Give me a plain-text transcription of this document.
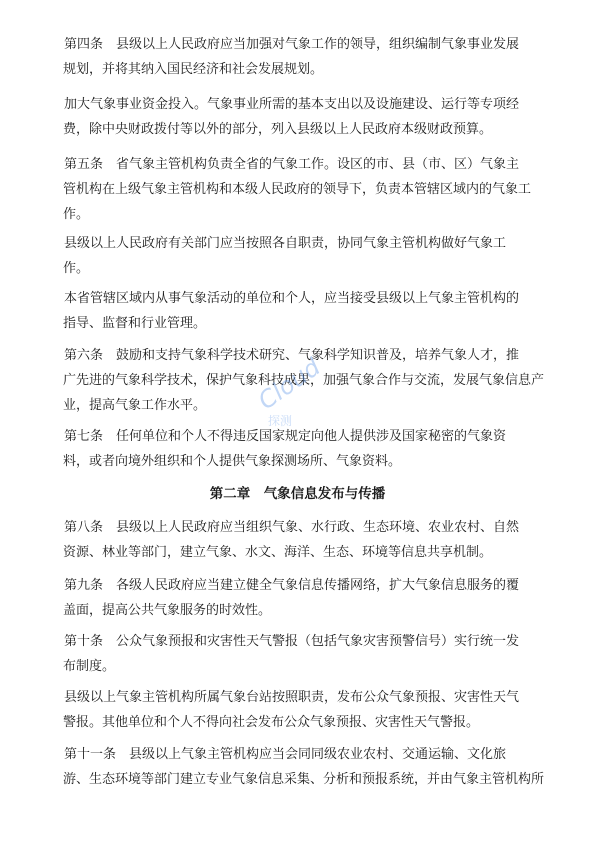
第四条　县级以上人民政府应当加强对气象工作的领导，组织编制气象事业发展
规划，并将其纳入国民经济和社会发展规划。
加大气象事业资金投入。气象事业所需的基本支出以及设施建设、运行等专项经
费，除中央财政拨付等以外的部分，列入县级以上人民政府本级财政预算。
第五条　省气象主管机构负责全省的气象工作。设区的市、县（市、区）气象主
管机构在上级气象主管机构和本级人民政府的领导下，负责本管辖区域内的气象工
作。
县级以上人民政府有关部门应当按照各自职责，协同气象主管机构做好气象工
作。
本省管辖区域内从事气象活动的单位和个人，应当接受县级以上气象主管机构的
指导、监督和行业管理。
第六条　鼓励和支持气象科学技术研究、气象科学知识普及，培养气象人才，推
广先进的气象科学技术，保护气象科技成果，加强气象合作与交流，发展气象信息产
业，提高气象工作水平。
第七条　任何单位和个人不得违反国家规定向他人提供涉及国家秘密的气象资
料，或者向境外组织和个人提供气象探测场所、气象资料。
第二章　气象信息发布与传播
第八条　县级以上人民政府应当组织气象、水行政、生态环境、农业农村、自然
资源、林业等部门，建立气象、水文、海洋、生态、环境等信息共享机制。
第九条　各级人民政府应当建立健全气象信息传播网络，扩大气象信息服务的覆
盖面，提高公共气象服务的时效性。
第十条　公众气象预报和灾害性天气警报（包括气象灾害预警信号）实行统一发
布制度。
县级以上气象主管机构所属气象台站按照职责，发布公众气象预报、灾害性天气
警报。其他单位和个人不得向社会发布公众气象预报、灾害性天气警报。
第十一条　县级以上气象主管机构应当会同同级农业农村、交通运输、文化旅
游、生态环境等部门建立专业气象信息采集、分析和预报系统，并由气象主管机构所
Cloud
探测
